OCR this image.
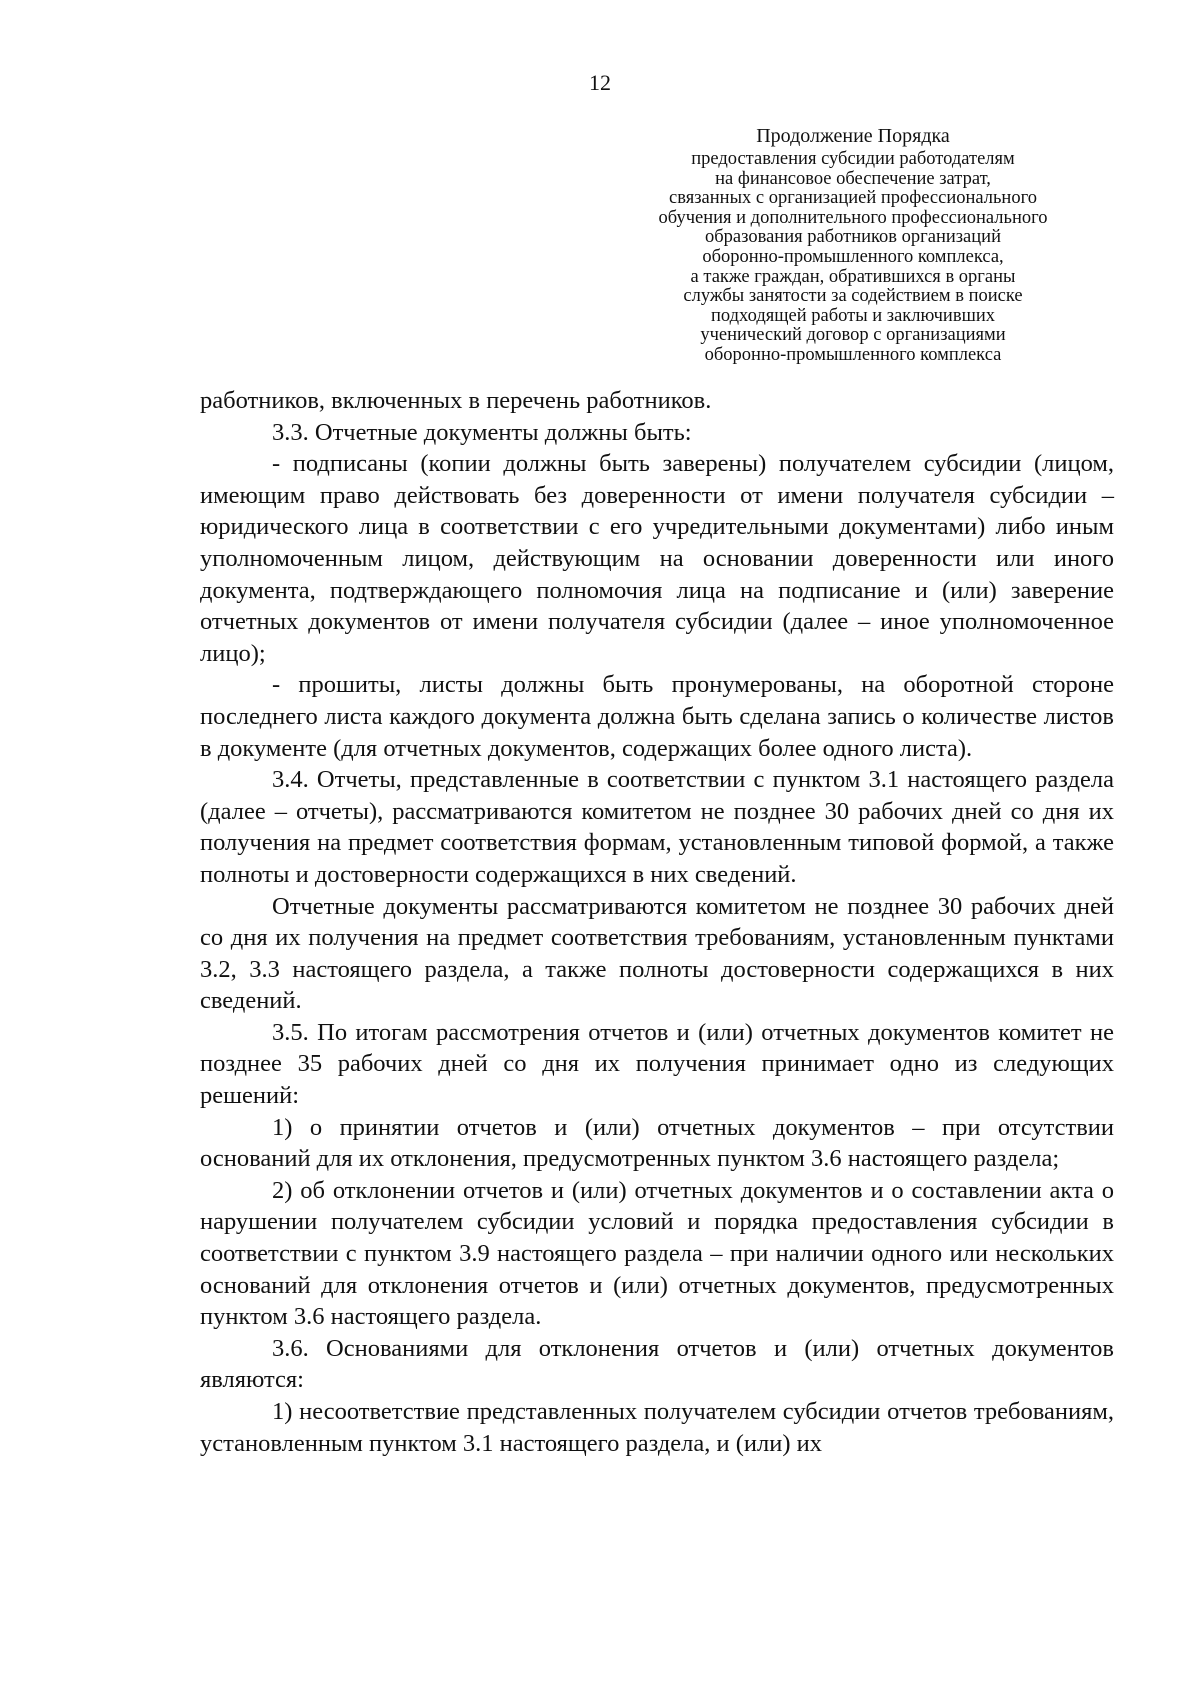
12
Продолжение Порядка
предоставления субсидии работодателям
на финансовое обеспечение затрат,
связанных с организацией профессионального
обучения и дополнительного профессионального
образования работников организаций
оборонно-промышленного комплекса,
а также граждан, обратившихся в органы
службы занятости за содействием в поиске
подходящей работы и заключивших
ученический договор с организациями
оборонно-промышленного комплекса

работников, включенных в перечень работников.

3.3. Отчетные документы должны быть:

- подписаны (копии должны быть заверены) получателем субсидии (лицом, имеющим право действовать без доверенности от имени получателя субсидии – юридического лица в соответствии с его учредительными документами) либо иным уполномоченным лицом, действующим на основании доверенности или иного документа, подтверждающего полномочия лица на подписание и (или) заверение отчетных документов от имени получателя субсидии (далее – иное уполномоченное лицо);

- прошиты, листы должны быть пронумерованы, на оборотной стороне последнего листа каждого документа должна быть сделана запись о количестве листов в документе (для отчетных документов, содержащих более одного листа).

3.4. Отчеты, представленные в соответствии с пунктом 3.1 настоящего раздела (далее – отчеты), рассматриваются комитетом не позднее 30 рабочих дней со дня их получения на предмет соответствия формам, установленным типовой формой, а также полноты и достоверности содержащихся в них сведений.

Отчетные документы рассматриваются комитетом не позднее 30 рабочих дней со дня их получения на предмет соответствия требованиям, установленным пунктами 3.2, 3.3 настоящего раздела, а также полноты достоверности содержащихся в них сведений.

3.5. По итогам рассмотрения отчетов и (или) отчетных документов комитет не позднее 35 рабочих дней со дня их получения принимает одно из следующих решений:

1) о принятии отчетов и (или) отчетных документов – при отсутствии оснований для их отклонения, предусмотренных пунктом 3.6 настоящего раздела;

2) об отклонении отчетов и (или) отчетных документов и о составлении акта о нарушении получателем субсидии условий и порядка предоставления субсидии в соответствии с пунктом 3.9 настоящего раздела – при наличии одного или нескольких оснований для отклонения отчетов и (или) отчетных документов, предусмотренных пунктом 3.6 настоящего раздела.

3.6. Основаниями для отклонения отчетов и (или) отчетных документов являются:

1) несоответствие представленных получателем субсидии отчетов требованиям, установленным пунктом 3.1 настоящего раздела, и (или) их
